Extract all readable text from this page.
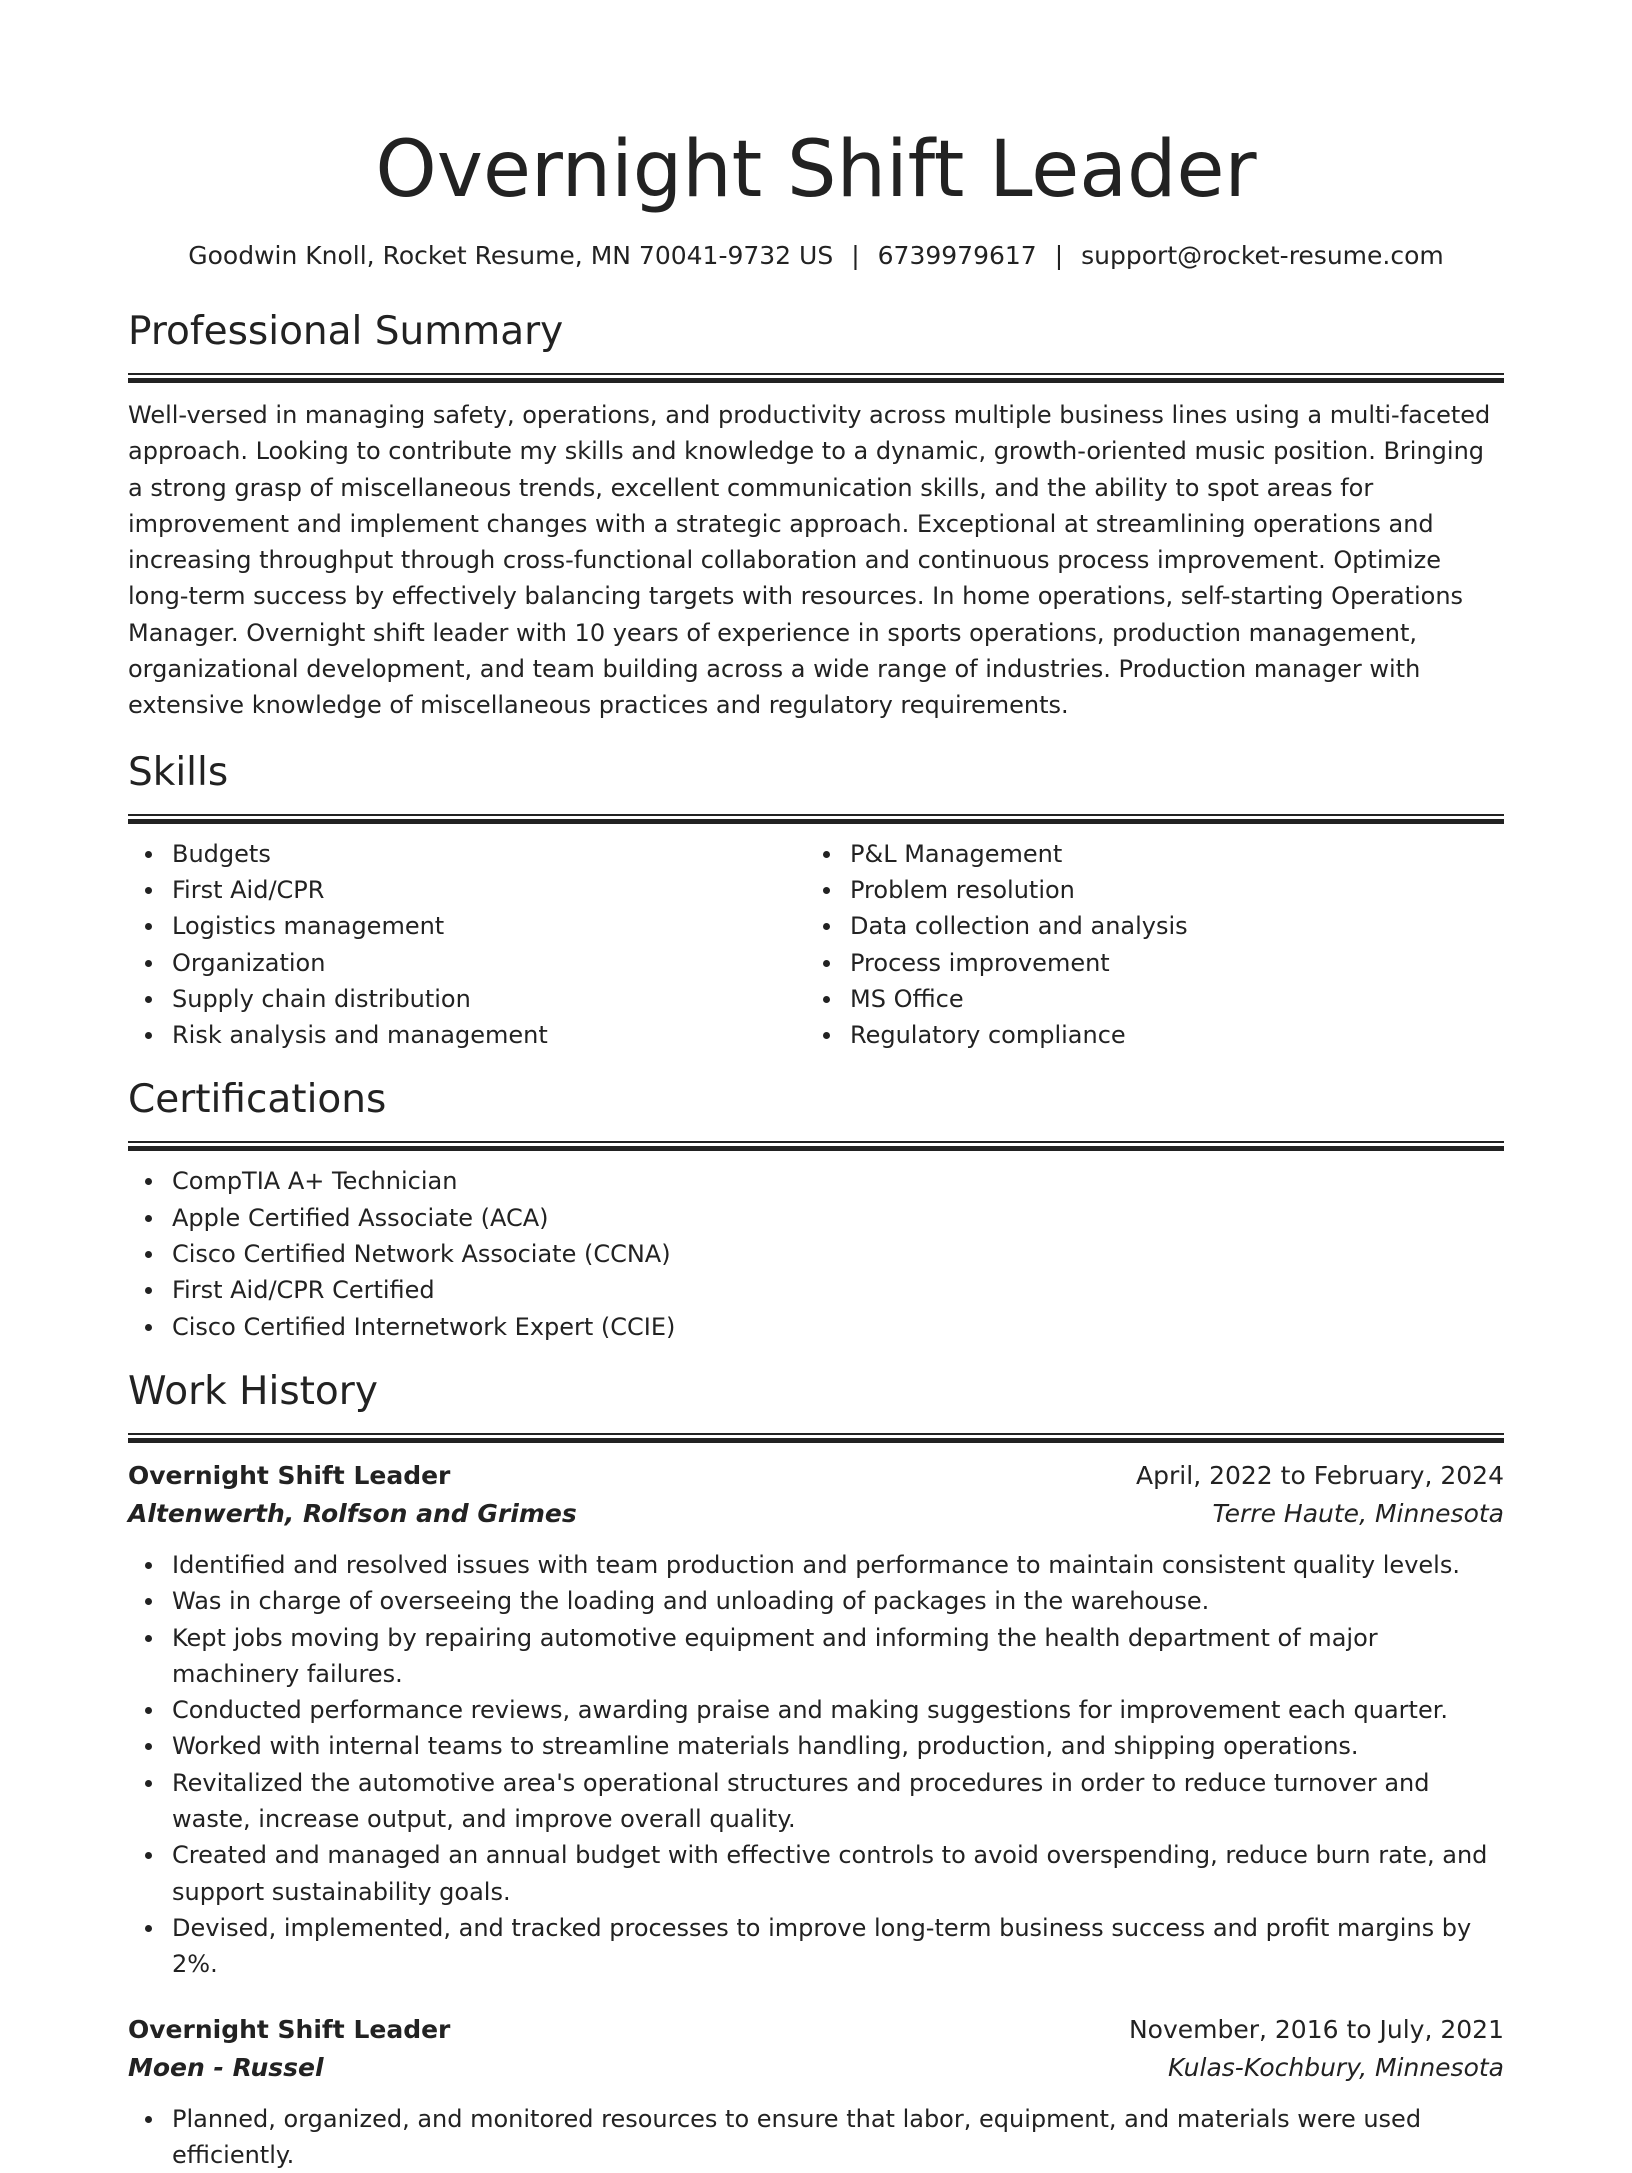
Overnight Shift Leader
Goodwin Knoll, Rocket Resume, MN 70041-9732 US | 6739979617 | support@rocket-resume.com
Professional Summary

Well-versed in managing safety, operations, and productivity across multiple business lines using a multi-faceted approach. Looking to contribute my skills and knowledge to a dynamic, growth-oriented music position. Bringing a strong grasp of miscellaneous trends, excellent communication skills, and the ability to spot areas for improvement and implement changes with a strategic approach. Exceptional at streamlining operations and increasing throughput through cross-functional collaboration and continuous process improvement. Optimize long-term success by effectively balancing targets with resources. In home operations, self-starting Operations Manager. Overnight shift leader with 10 years of experience in sports operations, production management, organizational development, and team building across a wide range of industries. Production manager with extensive knowledge of miscellaneous practices and regulatory requirements.

Skills
Budgets
First Aid/CPR
Logistics management
Organization
Supply chain distribution
Risk analysis and management
P&L Management
Problem resolution
Data collection and analysis
Process improvement
MS Office
Regulatory compliance
Certifications
CompTIA A+ Technician
Apple Certified Associate (ACA)
Cisco Certified Network Associate (CCNA)
First Aid/CPR Certified
Cisco Certified Internetwork Expert (CCIE)
Work History
Overnight Shift Leader	April, 2022 to February, 2024
Altenwerth, Rolfson and Grimes	Terre Haute, Minnesota
Identified and resolved issues with team production and performance to maintain consistent quality levels.
Was in charge of overseeing the loading and unloading of packages in the warehouse.
Kept jobs moving by repairing automotive equipment and informing the health department of major machinery failures.
Conducted performance reviews, awarding praise and making suggestions for improvement each quarter.
Worked with internal teams to streamline materials handling, production, and shipping operations.
Revitalized the automotive area's operational structures and procedures in order to reduce turnover and waste, increase output, and improve overall quality.
Created and managed an annual budget with effective controls to avoid overspending, reduce burn rate, and support sustainability goals.
Devised, implemented, and tracked processes to improve long-term business success and profit margins by 2%.
Overnight Shift Leader	November, 2016 to July, 2021
Moen - Russel	Kulas-Kochbury, Minnesota
Planned, organized, and monitored resources to ensure that labor, equipment, and materials were used efficiently.
